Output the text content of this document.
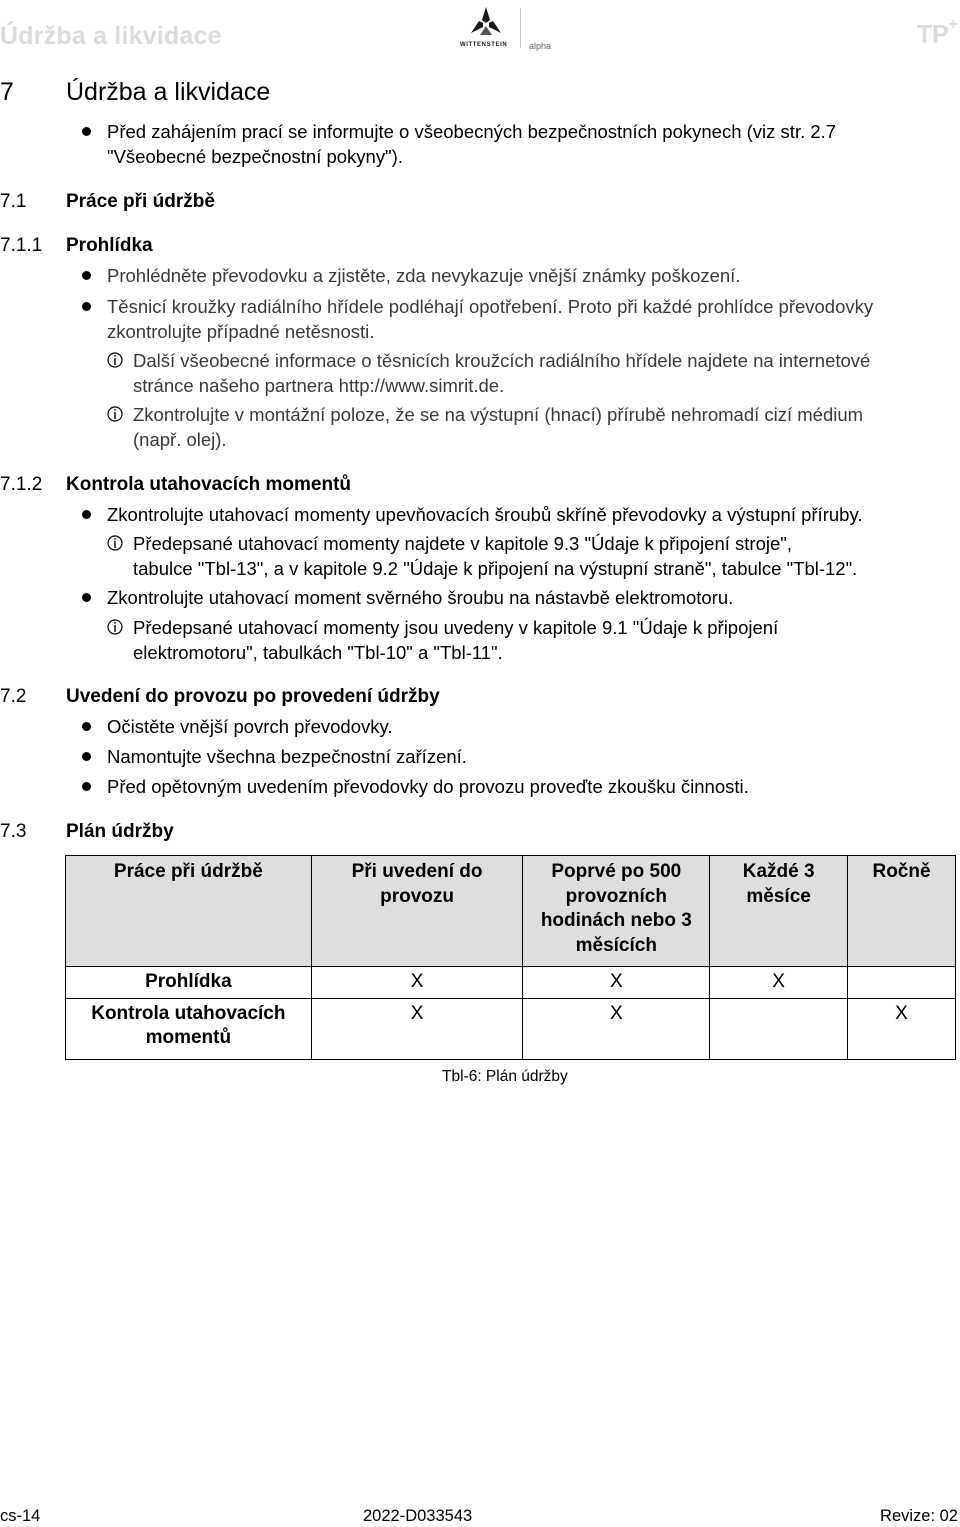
Údržba a likvidace	WITTENSTEIN alpha	TP+
7 Údržba a likvidace
Před zahájením prací se informujte o všeobecných bezpečnostních pokynech (viz str. 2.7
"Všeobecné bezpečnostní pokyny").
7.1 Práce při údržbě
7.1.1 Prohlídka
Prohlédněte převodovku a zjistěte, zda nevykazuje vnější známky poškození.
Těsnicí kroužky radiálního hřídele podléhají opotřebení. Proto při každé prohlídce převodovky
zkontrolujte případné netěsnosti.
Další všeobecné informace o těsnicích kroužcích radiálního hřídele najdete na internetové
stránce našeho partnera http://www.simrit.de.
Zkontrolujte v montážní poloze, že se na výstupní (hnací) přírubě nehromadí cizí médium
(např. olej).
7.1.2 Kontrola utahovacích momentů
Zkontrolujte utahovací momenty upevňovacích šroubů skříně převodovky a výstupní příruby.
Předepsané utahovací momenty najdete v kapitole 9.3 "Údaje k připojení stroje",
tabulce "Tbl-13", a v kapitole 9.2 "Údaje k připojení na výstupní straně", tabulce "Tbl-12".
Zkontrolujte utahovací moment svěrného šroubu na nástavbě elektromotoru.
Předepsané utahovací momenty jsou uvedeny v kapitole 9.1 "Údaje k připojení
elektromotoru", tabulkách "Tbl-10" a "Tbl-11".
7.2 Uvedení do provozu po provedení údržby
Očistěte vnější povrch převodovky.
Namontujte všechna bezpečnostní zařízení.
Před opětovným uvedením převodovky do provozu proveďte zkoušku činnosti.
7.3 Plán údržby
Práce při údržbě	Při uvedení do provozu	Poprvé po 500 provozních hodinách nebo 3 měsících	Každé 3 měsíce	Ročně
Prohlídka	X	X	X	
Kontrola utahovacích momentů	X	X		X
Tbl-6: Plán údržby
cs-14	2022-D033543	Revize: 02
